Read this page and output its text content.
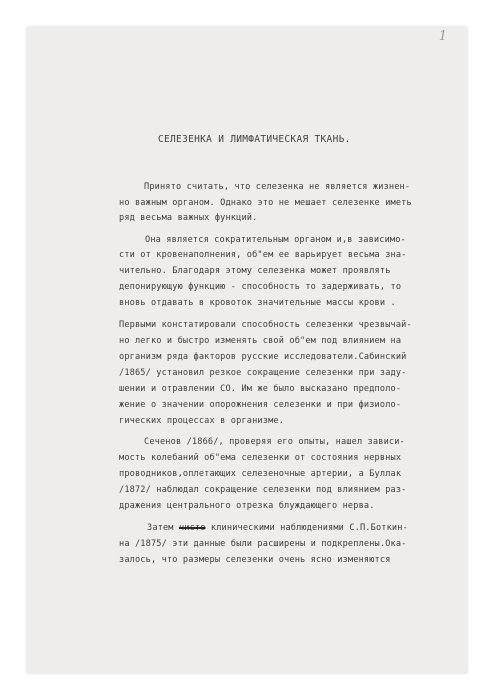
1
СЕЛЕЗЕНКА И ЛИМФАТИЧЕСКАЯ ТКАНЬ.
Принято считать, что селезенка не является жизнен-
но важным органом. Однако это не мешает селезенке иметь
ряд весьма важных функций.
Она является сократительным органом и,в зависимо-
сти от кровенаполнения, об"ем ее варьирует весьма зна-
чительно. Благодаря этому селезенка может проявлять
депонирующую функцию - способность то задерживать, то
вновь отдавать в кровоток значительные массы крови .
Первыми констатировали способность селезенки чрезвычай-
но легко и быстро изменять свой об"ем под влиянием на
организм ряда факторов русские исследователи.Сабинский
/1865/ установил резкое сокращение селезенки при заду-
шении и отравлении CO. Им же было высказано предполо-
жение о значении опорожнения селезенки и при физиоло-
гических процессах в организме.
Сеченов /1866/, проверяя его опыты, нашел зависи-
мость колебаний об"ема селезенки от состояния нервных
проводников,оплетающих селезеночные артерии, а Буллак
/1872/ наблюдал сокращение селезенки под влиянием раз-
дражения центрального отрезка блуждающего нерва.
Затем чисто клиническими наблюдениями С.П.Боткин-
на /1875/ эти данные были расширены и подкреплены.Ока-
залось, что размеры селезенки очень ясно изменяются
